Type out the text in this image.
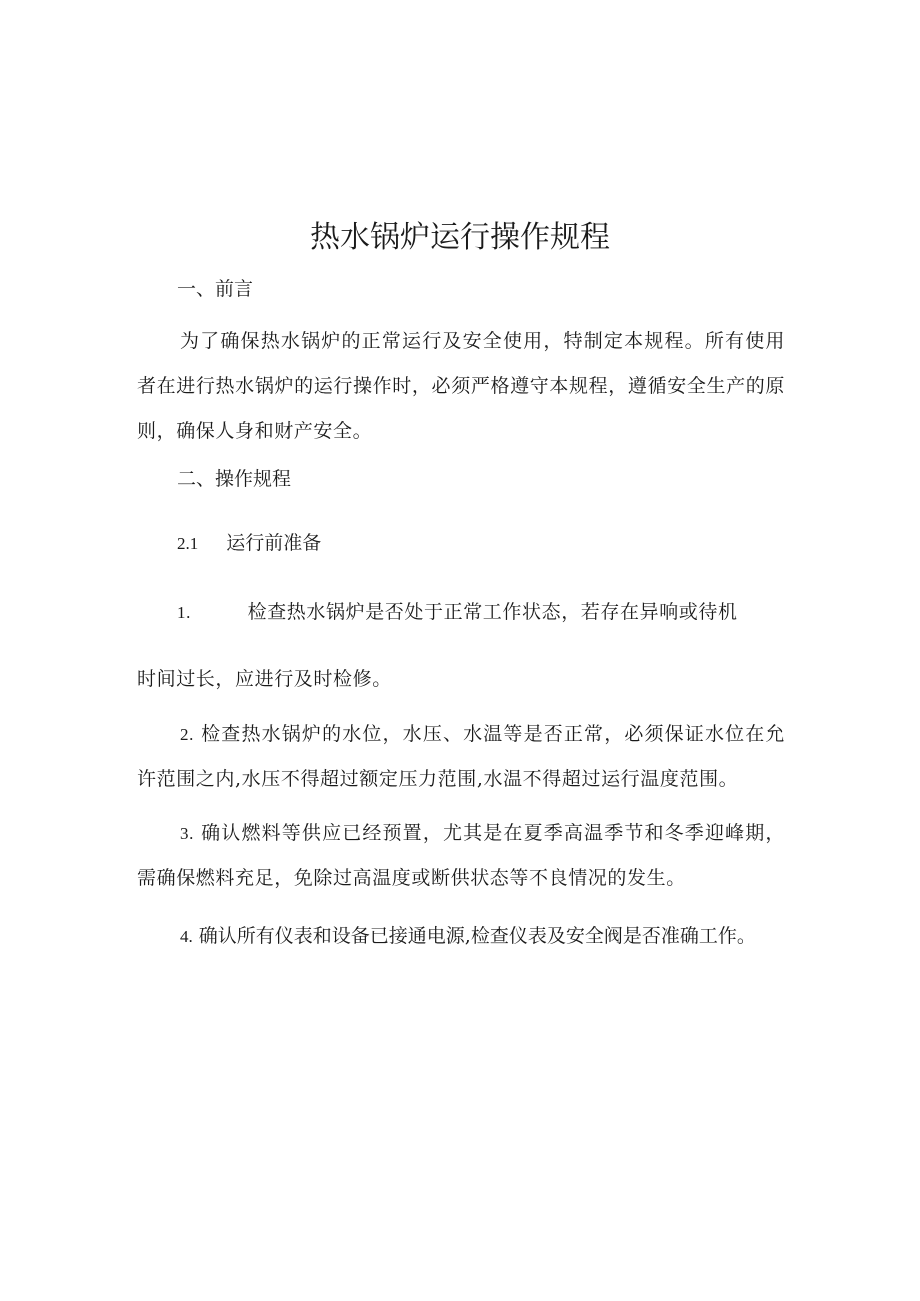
热水锅炉运行操作规程

一、前言

为了确保热水锅炉的正常运行及安全使用，特制定本规程。所有使用者在进行热水锅炉的运行操作时，必须严格遵守本规程，遵循安全生产的原则，确保人身和财产安全。

二、操作规程

2.1 运行前准备

1.	检查热水锅炉是否处于正常工作状态，若存在异响或待机

时间过长，应进行及时检修。

2. 检查热水锅炉的水位，水压、水温等是否正常，必须保证水位在允许范围之内,水压不得超过额定压力范围,水温不得超过运行温度范围。
3. 确认燃料等供应已经预置，尤其是在夏季高温季节和冬季迎峰期，需确保燃料充足，免除过高温度或断供状态等不良情况的发生。
4. 确认所有仪表和设备已接通电源,检查仪表及安全阀是否准确工作。
